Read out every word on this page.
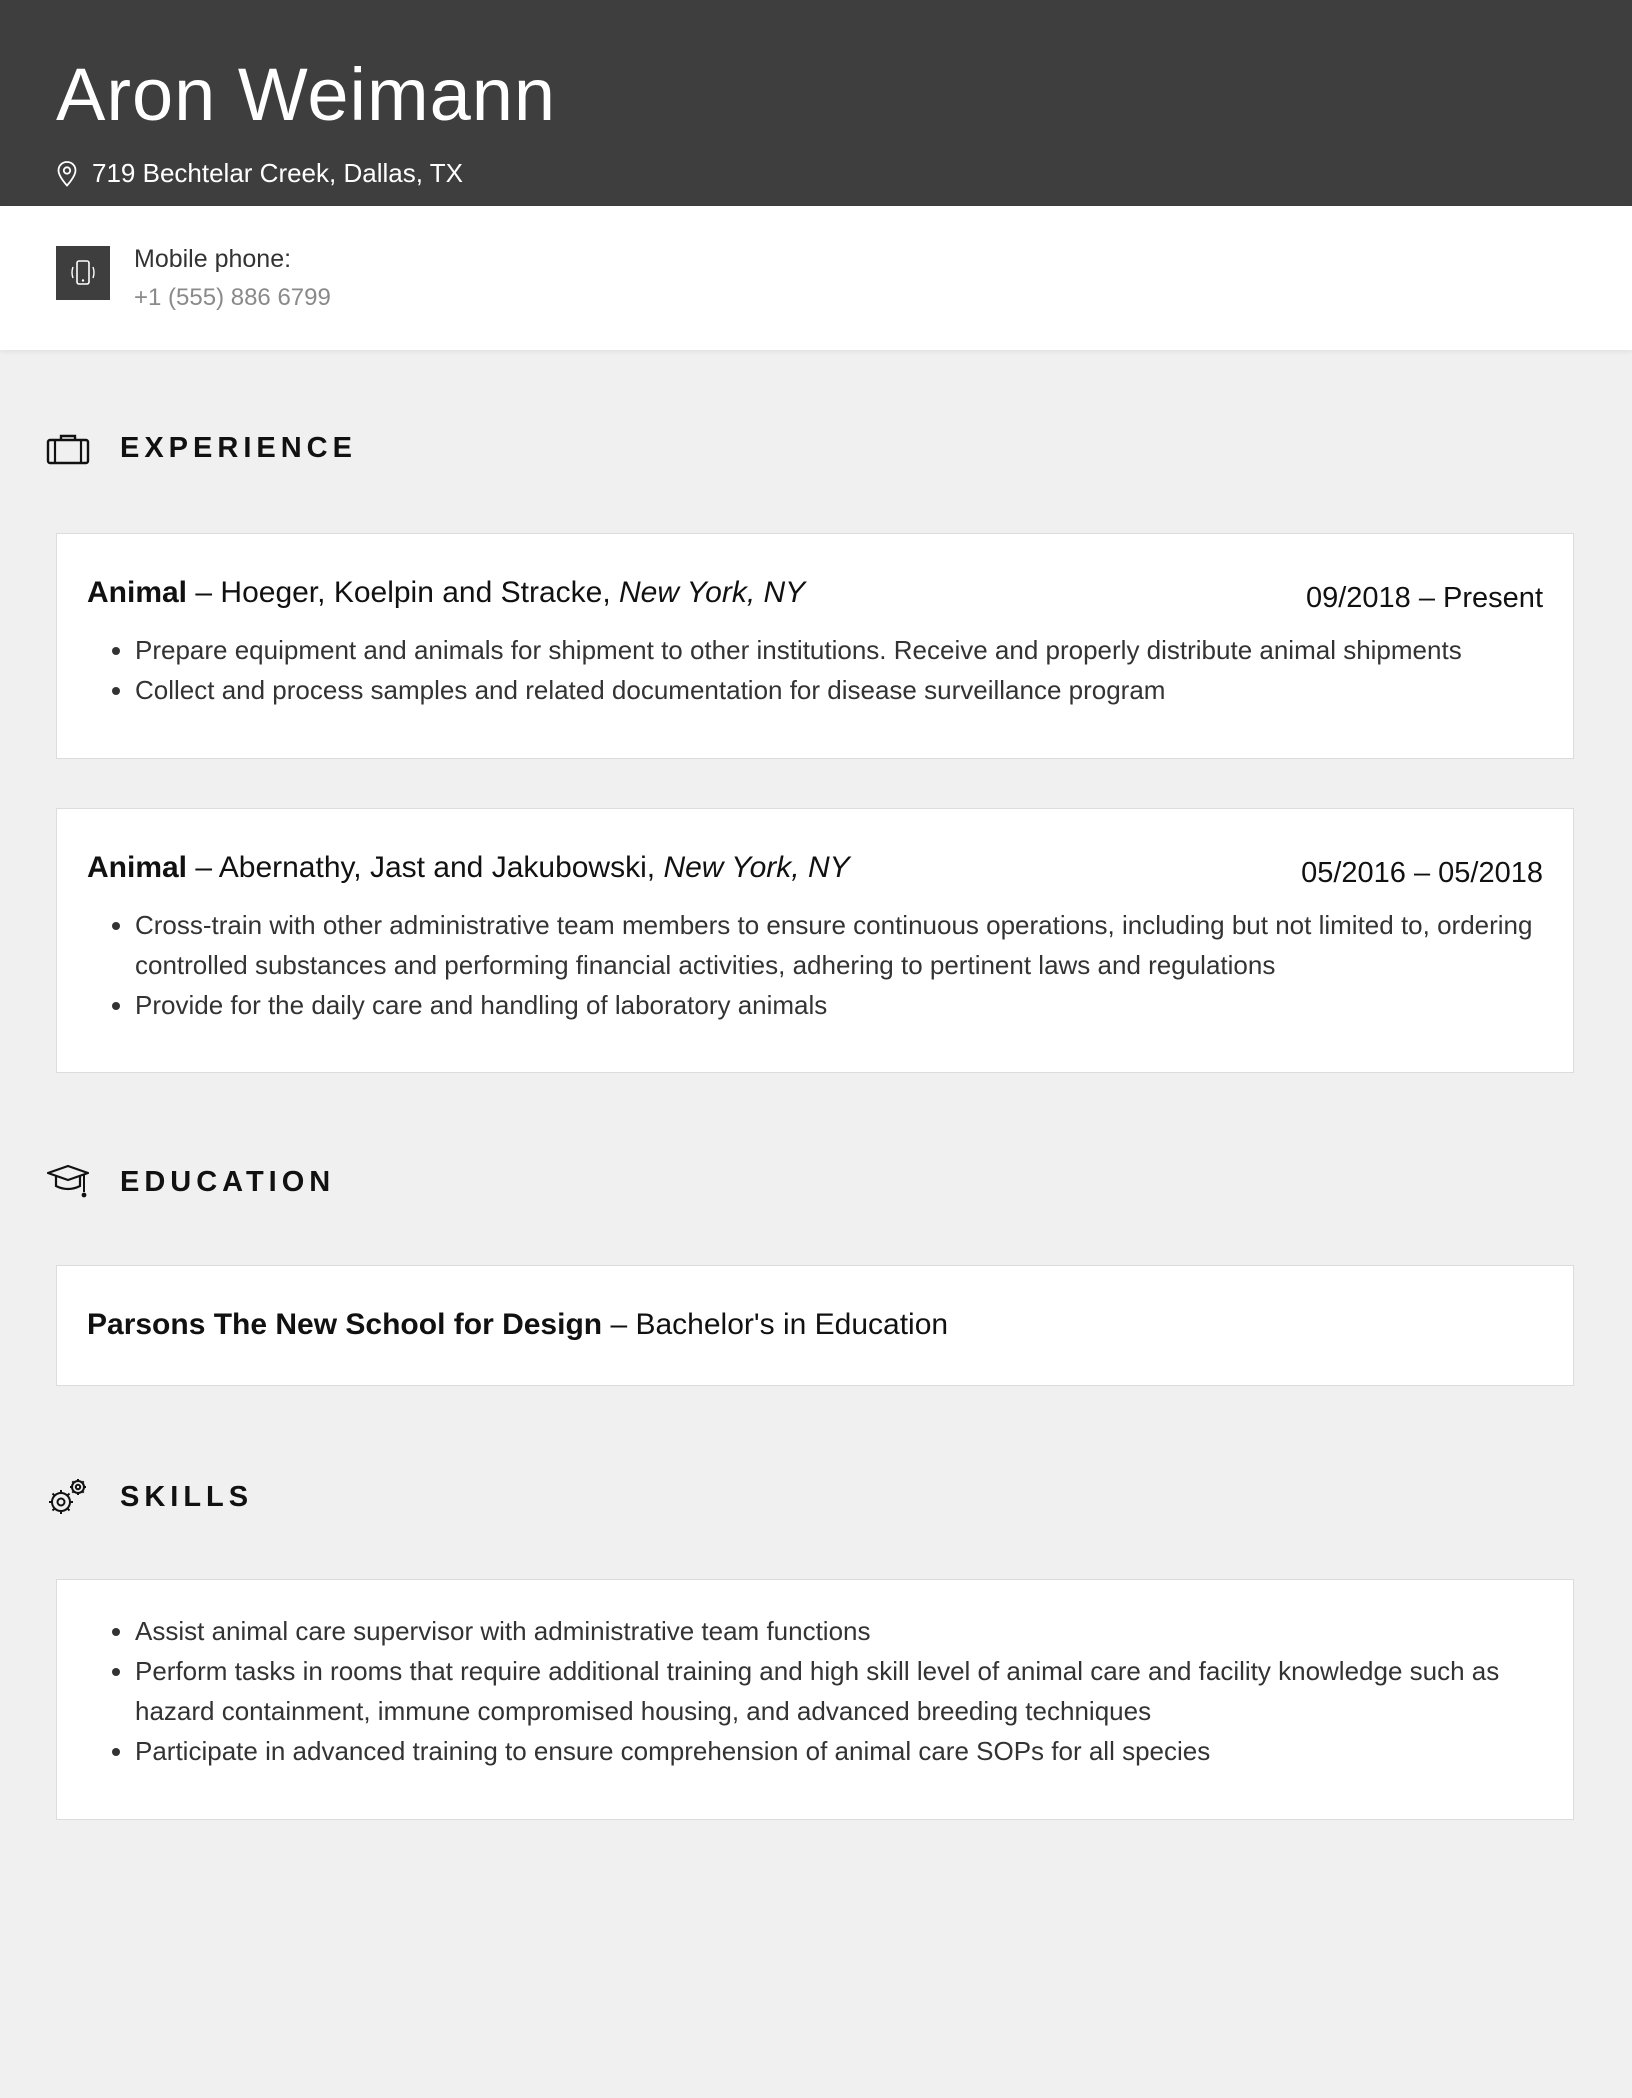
Aron Weimann
719 Bechtelar Creek, Dallas, TX
Mobile phone:
+1 (555) 886 6799
EXPERIENCE
Animal – Hoeger, Koelpin and Stracke, New York, NY	09/2018 – Present
• Prepare equipment and animals for shipment to other institutions. Receive and properly distribute animal shipments
• Collect and process samples and related documentation for disease surveillance program
Animal – Abernathy, Jast and Jakubowski, New York, NY	05/2016 – 05/2018
• Cross-train with other administrative team members to ensure continuous operations, including but not limited to, ordering controlled substances and performing financial activities, adhering to pertinent laws and regulations
• Provide for the daily care and handling of laboratory animals
EDUCATION
Parsons The New School for Design – Bachelor's in Education
SKILLS
• Assist animal care supervisor with administrative team functions
• Perform tasks in rooms that require additional training and high skill level of animal care and facility knowledge such as hazard containment, immune compromised housing, and advanced breeding techniques
• Participate in advanced training to ensure comprehension of animal care SOPs for all species
